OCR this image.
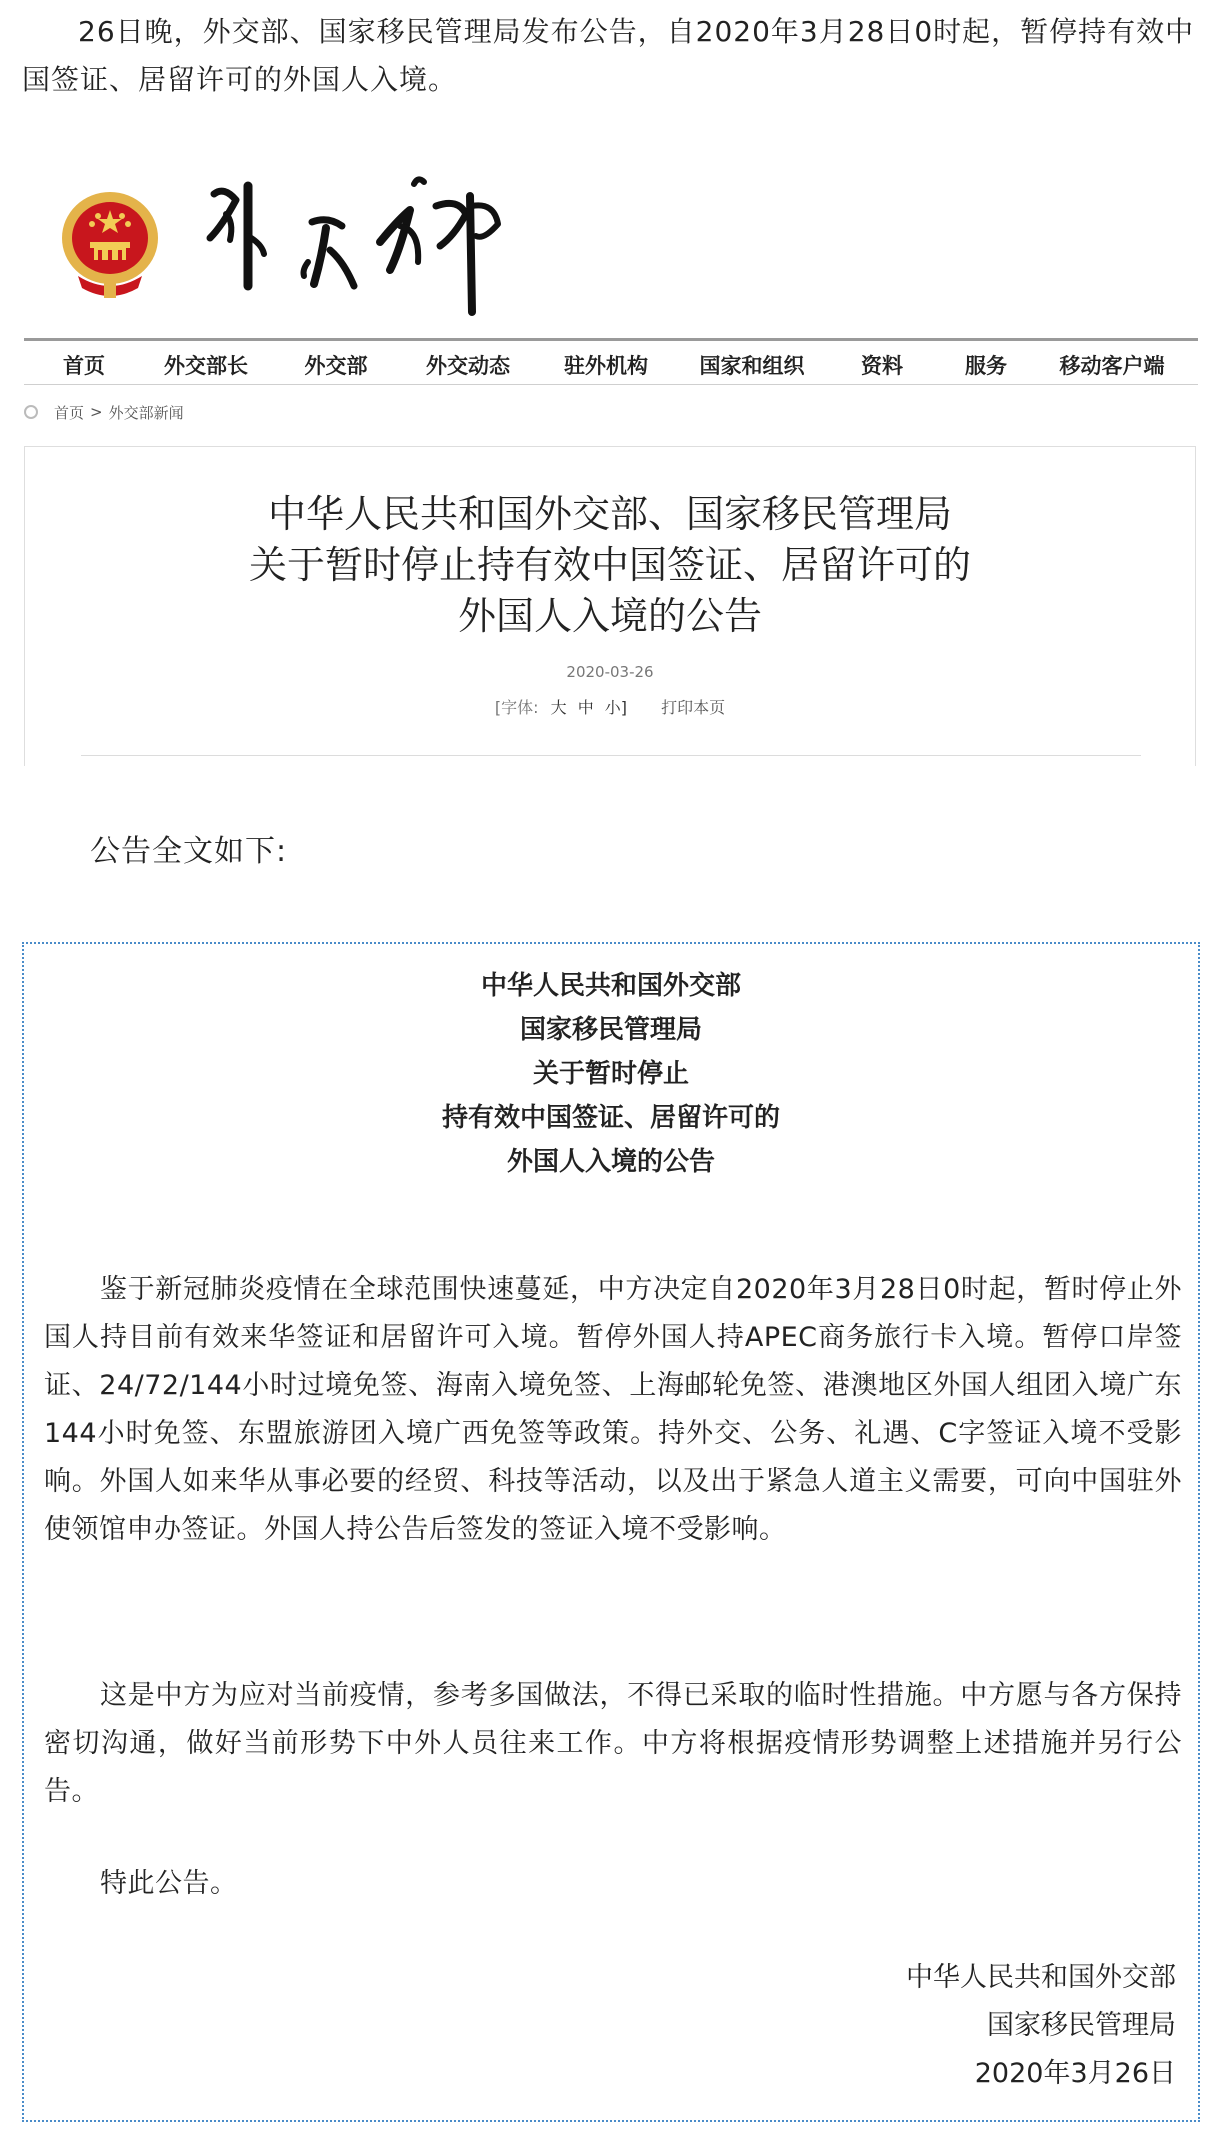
26日晚，外交部、国家移民管理局发布公告，自2020年3月28日0时起，暂停持有效中国签证、居留许可的外国人入境。
首页	外交部长	外交部	外交动态	驻外机构 国家和组织	资料	服务	移动客户端
首页 > 外交部新闻
中华人民共和国外交部、国家移民管理局
关于暂时停止持有效中国签证、居留许可的
外国人入境的公告
2020-03-26
[字体: 大 中 小] 打印本页
公告全文如下:
中华人民共和国外交部
国家移民管理局
关于暂时停止
持有效中国签证、居留许可的
外国人入境的公告
鉴于新冠肺炎疫情在全球范围快速蔓延，中方决定自2020年3月28日0时起，暂时停止外国人持目前有效来华签证和居留许可入境。暂停外国人持APEC商务旅行卡入境。暂停口岸签证、24/72/144小时过境免签、海南入境免签、上海邮轮免签、港澳地区外国人组团入境广东144小时免签、东盟旅游团入境广西免签等政策。持外交、公务、礼遇、C字签证入境不受影响。外国人如来华从事必要的经贸、科技等活动，以及出于紧急人道主义需要，可向中国驻外使领馆申办签证。外国人持公告后签发的签证入境不受影响。
这是中方为应对当前疫情，参考多国做法，不得已采取的临时性措施。中方愿与各方保持密切沟通，做好当前形势下中外人员往来工作。中方将根据疫情形势调整上述措施并另行公告。
特此公告。
中华人民共和国外交部
国家移民管理局
2020年3月26日
